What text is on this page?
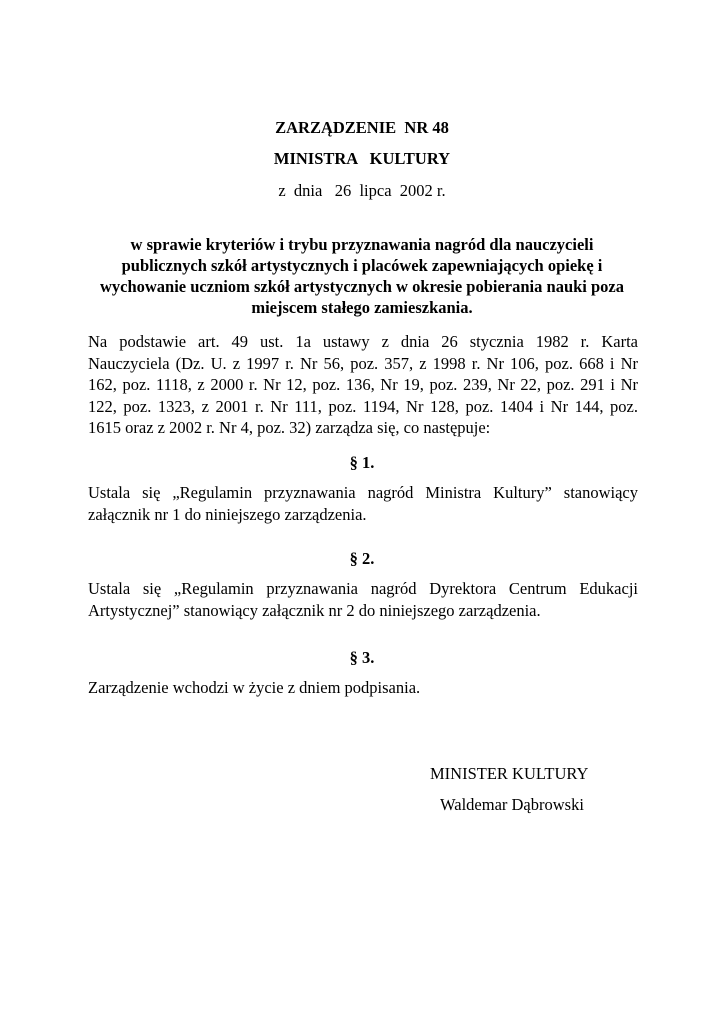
ZARZĄDZENIE  NR 48
MINISTRA   KULTURY
z  dnia   26  lipca  2002 r.
w sprawie kryteriów i trybu przyznawania nagród dla nauczycieli
publicznych szkół artystycznych i placówek zapewniających opiekę i
wychowanie uczniom szkół artystycznych w okresie pobierania nauki poza
miejscem stałego zamieszkania.
Na podstawie art. 49 ust. 1a ustawy z dnia 26 stycznia 1982 r. Karta
Nauczyciela (Dz. U. z 1997 r. Nr 56, poz. 357, z 1998 r. Nr 106, poz. 668 i Nr
162, poz. 1118, z 2000 r. Nr 12, poz. 136, Nr 19, poz. 239, Nr 22, poz. 291 i Nr
122, poz. 1323, z 2001 r. Nr 111, poz. 1194, Nr 128, poz. 1404 i Nr 144, poz.
1615 oraz z 2002 r. Nr 4, poz. 32) zarządza się, co następuje:
§ 1.
Ustala się „Regulamin przyznawania nagród Ministra Kultury” stanowiący
załącznik nr 1 do niniejszego zarządzenia.
§ 2.
Ustala się „Regulamin przyznawania nagród Dyrektora Centrum Edukacji
Artystycznej” stanowiący załącznik nr 2 do niniejszego zarządzenia.
§ 3.
Zarządzenie wchodzi w życie z dniem podpisania.
MINISTER KULTURY
Waldemar Dąbrowski
